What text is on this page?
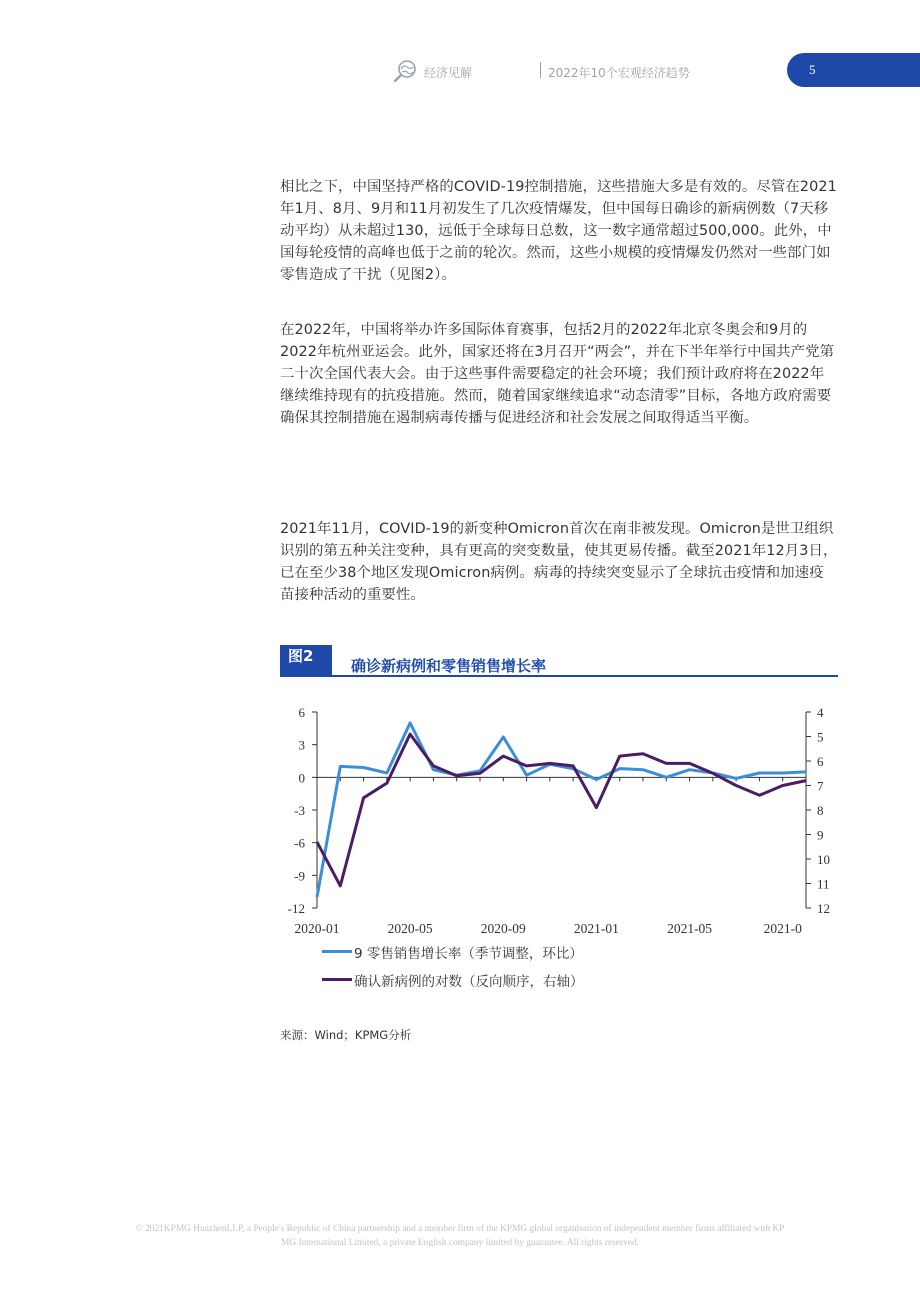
经济见解	2022年10个宏观经济趋势	5

相比之下，中国坚持严格的COVID-19控制措施，这些措施大多是有效的。尽管在2021年1月、8月、9月和11月初发生了几次疫情爆发，但中国每日确诊的新病例数（7天移动平均）从未超过130，远低于全球每日总数，这一数字通常超过500,000。此外，中国每轮疫情的高峰也低于之前的轮次。然而，这些小规模的疫情爆发仍然对一些部门如零售造成了干扰（见图2）。

在2022年，中国将举办许多国际体育赛事，包括2月的2022年北京冬奥会和9月的2022年杭州亚运会。此外，国家还将在3月召开“两会”，并在下半年举行中国共产党第二十次全国代表大会。由于这些事件需要稳定的社会环境；我们预计政府将在2022年继续维持现有的抗疫措施。然而，随着国家继续追求“动态清零”目标，各地方政府需要确保其控制措施在遏制病毒传播与促进经济和社会发展之间取得适当平衡。

2021年11月，COVID-19的新变种Omicron首次在南非被发现。Omicron是世卫组织识别的第五种关注变种，具有更高的突变数量，使其更易传播。截至2021年12月3日，已在至少38个地区发现Omicron病例。病毒的持续突变显示了全球抗击疫情和加速疫苗接种活动的重要性。

图2
确诊新病例和零售销售增长率
6
3
0
-3
-6
-9
-12
4
5
6
7
8
9
10
11
12
2020-01	2020-05	2020-09	2021-01	2021-05	2021-0
9 零售销售增长率（季节调整，环比）
确认新病例的对数（反向顺序，右轴）
来源：Wind；KPMG分析
© 2021KPMG HuazhenLLP, a People's Republic of China partnership and a member firm of the KPMG global organisation of independent member firms affiliated with KP
MG International Limited, a private English company limited by guarantee. All rights reserved.
